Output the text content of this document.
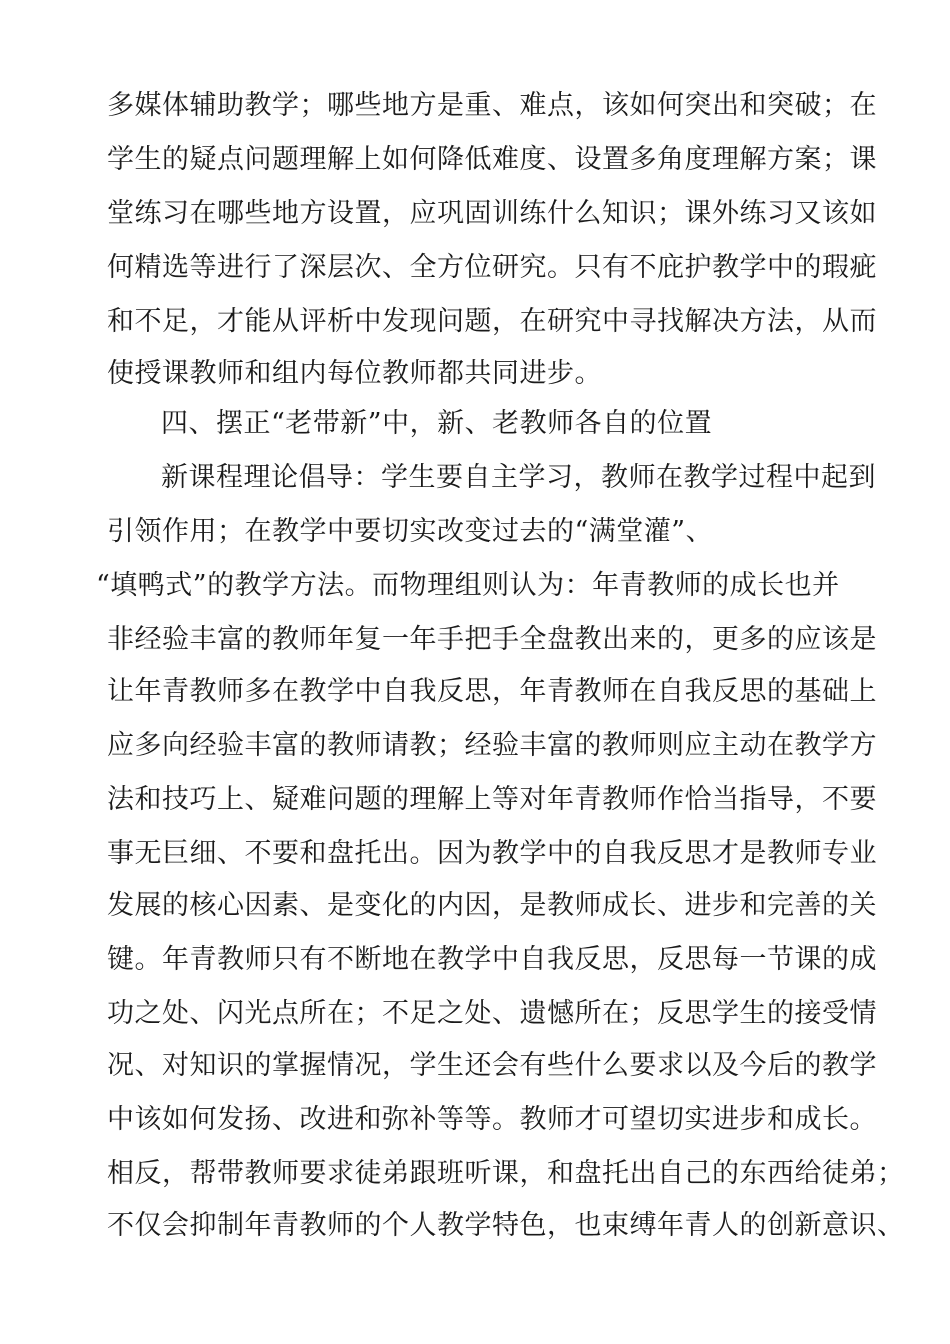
多媒体辅助教学；哪些地方是重、难点，该如何突出和突破；在
学生的疑点问题理解上如何降低难度、设置多角度理解方案；课
堂练习在哪些地方设置，应巩固训练什么知识；课外练习又该如
何精选等进行了深层次、全方位研究。只有不庇护教学中的瑕疵
和不足，才能从评析中发现问题，在研究中寻找解决方法，从而
使授课教师和组内每位教师都共同进步。
四、摆正“老带新”中，新、老教师各自的位置
新课程理论倡导：学生要自主学习，教师在教学过程中起到
引领作用；在教学中要切实改变过去的“满堂灌”、
“填鸭式”的教学方法。而物理组则认为：年青教师的成长也并
非经验丰富的教师年复一年手把手全盘教出来的，更多的应该是
让年青教师多在教学中自我反思，年青教师在自我反思的基础上
应多向经验丰富的教师请教；经验丰富的教师则应主动在教学方
法和技巧上、疑难问题的理解上等对年青教师作恰当指导，不要
事无巨细、不要和盘托出。因为教学中的自我反思才是教师专业
发展的核心因素、是变化的内因，是教师成长、进步和完善的关
键。年青教师只有不断地在教学中自我反思，反思每一节课的成
功之处、闪光点所在；不足之处、遗憾所在；反思学生的接受情
况、对知识的掌握情况，学生还会有些什么要求以及今后的教学
中该如何发扬、改进和弥补等等。教师才可望切实进步和成长。
相反，帮带教师要求徒弟跟班听课，和盘托出自己的东西给徒弟；
不仅会抑制年青教师的个人教学特色，也束缚年青人的创新意识、
